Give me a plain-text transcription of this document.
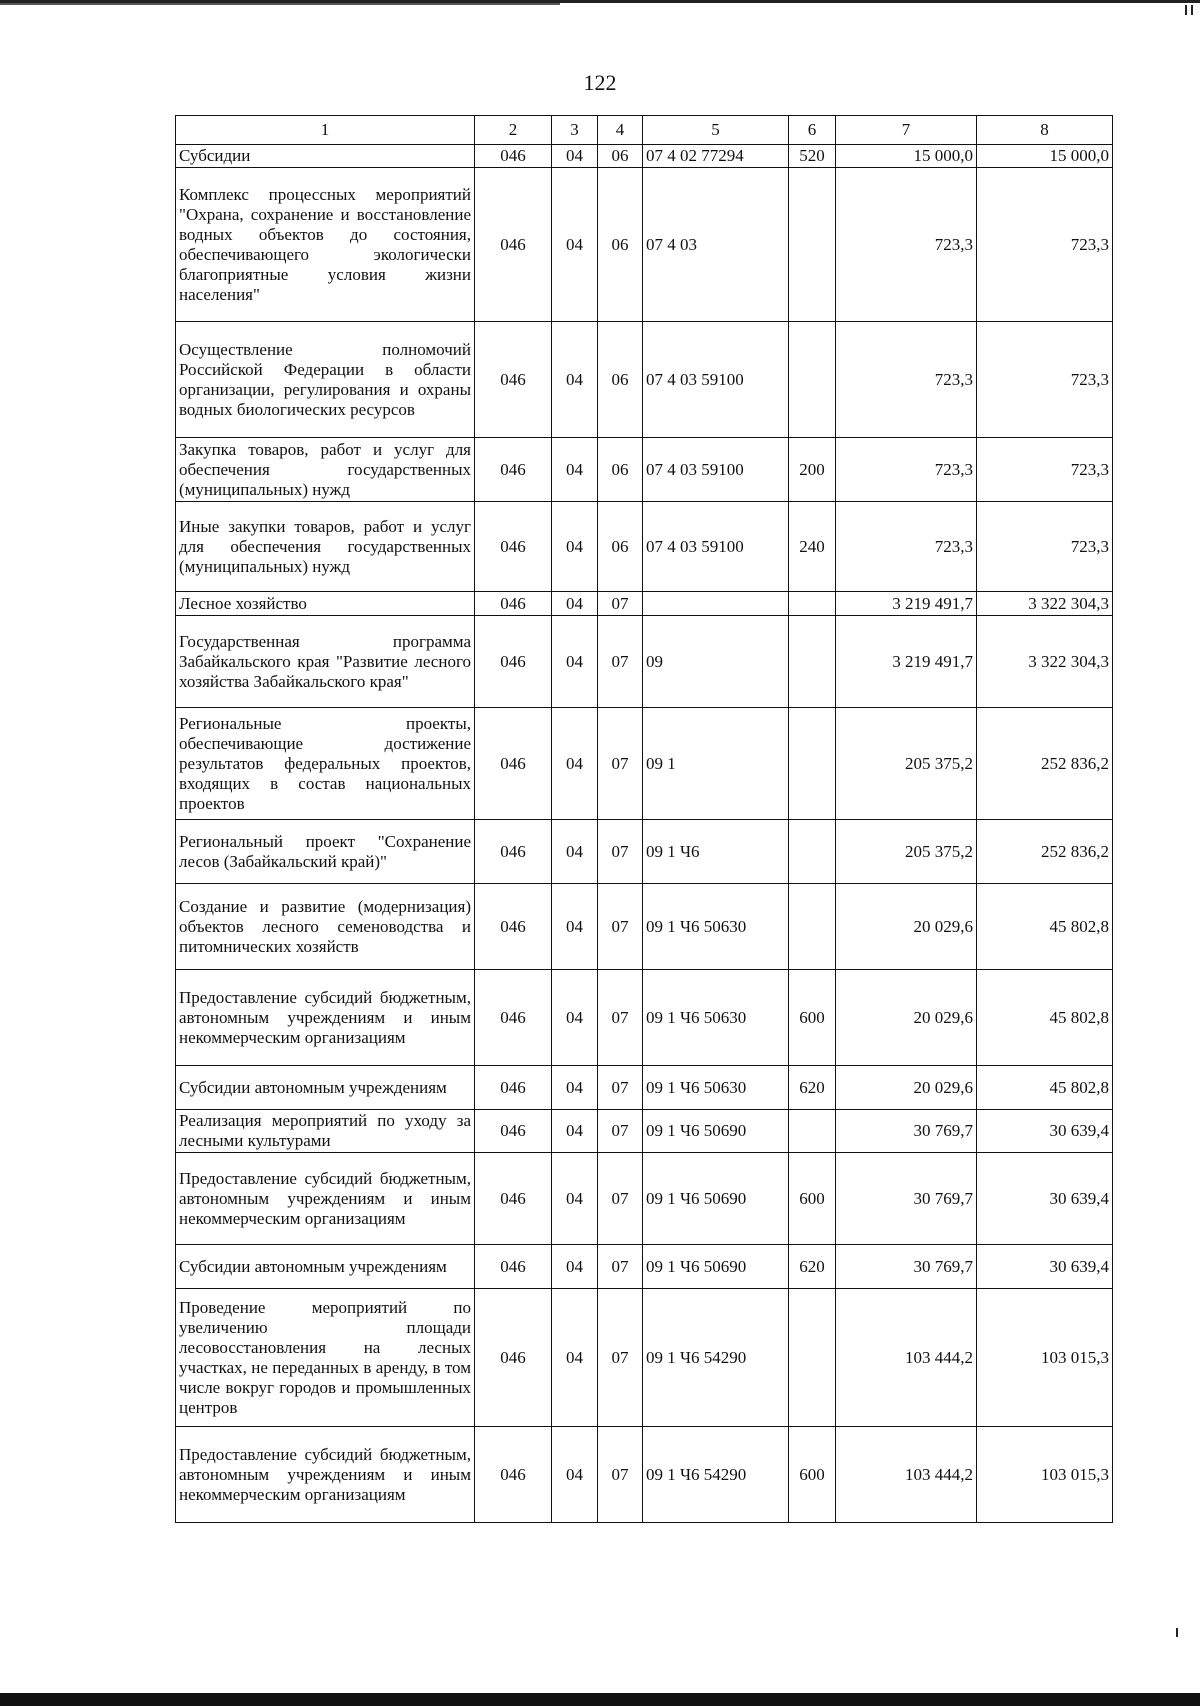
122
1	2	3	4	5	6	7	8
Субсидии	046	04	06	07 4 02 77294	520	15 000,0	15 000,0
Комплекс процессных мероприятий "Охрана, сохранение и восстановление водных объектов до состояния, обеспечивающего экологически благоприятные условия жизни населения"	046	04	06	07 4 03		723,3	723,3
Осуществление полномочий Российской Федерации в области организации, регулирования и охраны водных биологических ресурсов	046	04	06	07 4 03 59100		723,3	723,3
Закупка товаров, работ и услуг для обеспечения государственных (муниципальных) нужд	046	04	06	07 4 03 59100	200	723,3	723,3
Иные закупки товаров, работ и услуг для обеспечения государственных (муниципальных) нужд	046	04	06	07 4 03 59100	240	723,3	723,3
Лесное хозяйство	046	04	07			3 219 491,7	3 322 304,3
Государственная программа Забайкальского края "Развитие лесного хозяйства Забайкальского края"	046	04	07	09		3 219 491,7	3 322 304,3
Региональные проекты, обеспечивающие достижение результатов федеральных проектов, входящих в состав национальных проектов	046	04	07	09 1		205 375,2	252 836,2
Региональный проект "Сохранение лесов (Забайкальский край)"	046	04	07	09 1 Ч6		205 375,2	252 836,2
Создание и развитие (модернизация) объектов лесного семеноводства и питомнических хозяйств	046	04	07	09 1 Ч6 50630		20 029,6	45 802,8
Предоставление субсидий бюджетным, автономным учреждениям и иным некоммерческим организациям	046	04	07	09 1 Ч6 50630	600	20 029,6	45 802,8
Субсидии автономным учреждениям	046	04	07	09 1 Ч6 50630	620	20 029,6	45 802,8
Реализация мероприятий по уходу за лесными культурами	046	04	07	09 1 Ч6 50690		30 769,7	30 639,4
Предоставление субсидий бюджетным, автономным учреждениям и иным некоммерческим организациям	046	04	07	09 1 Ч6 50690	600	30 769,7	30 639,4
Субсидии автономным учреждениям	046	04	07	09 1 Ч6 50690	620	30 769,7	30 639,4
Проведение мероприятий по увеличению площади лесовосстановления на лесных участках, не переданных в аренду, в том числе вокруг городов и промышленных центров	046	04	07	09 1 Ч6 54290		103 444,2	103 015,3
Предоставление субсидий бюджетным, автономным учреждениям и иным некоммерческим организациям	046	04	07	09 1 Ч6 54290	600	103 444,2	103 015,3
